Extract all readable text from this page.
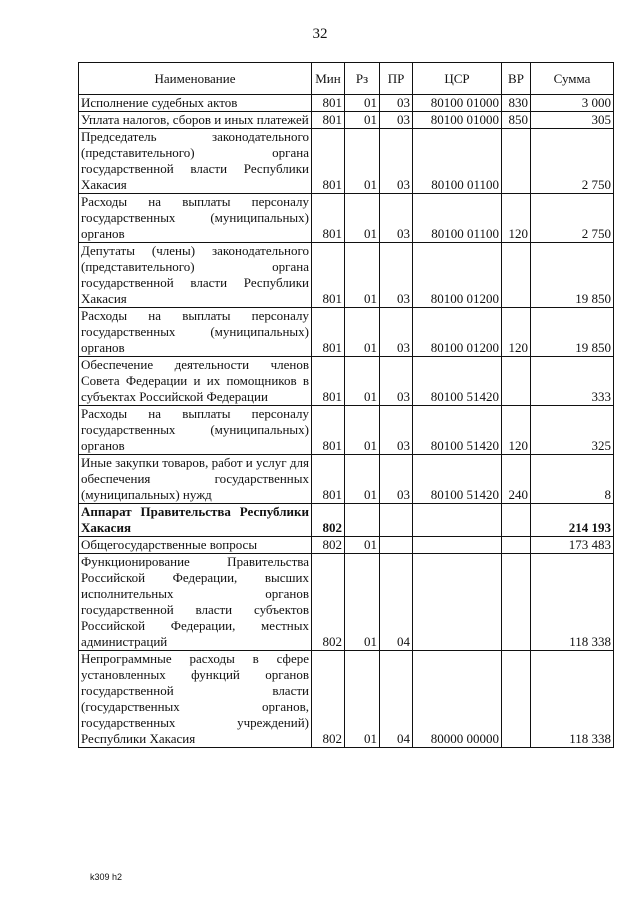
32
Наименование	Мин	Рз	ПР	ЦСР	ВР	Сумма
Исполнение судебных актов	801	01	03	80100 01000	830	3 000
Уплата налогов, сборов и иных платежей	801	01	03	80100 01000	850	305
Председатель законодательного (представительного) органа государственной власти Республики Хакасия	801	01	03	80100 01100		2 750
Расходы на выплаты персоналу государственных (муниципальных) органов	801	01	03	80100 01100	120	2 750
Депутаты (члены) законодательного (представительного) органа государственной власти Республики Хакасия	801	01	03	80100 01200		19 850
Расходы на выплаты персоналу государственных (муниципальных) органов	801	01	03	80100 01200	120	19 850
Обеспечение деятельности членов Совета Федерации и их помощников в субъектах Российской Федерации	801	01	03	80100 51420		333
Расходы на выплаты персоналу государственных (муниципальных) органов	801	01	03	80100 51420	120	325
Иные закупки товаров, работ и услуг для обеспечения государственных (муниципальных) нужд	801	01	03	80100 51420	240	8
Аппарат Правительства Республики Хакасия	802					214 193
Общегосударственные вопросы	802	01				173 483
Функционирование Правительства Российской Федерации, высших исполнительных органов государственной власти субъектов Российской Федерации, местных администраций	802	01	04			118 338
Непрограммные расходы в сфере установленных функций органов государственной власти (государственных органов, государственных учреждений) Республики Хакасия	802	01	04	80000 00000		118 338
k309 h2
